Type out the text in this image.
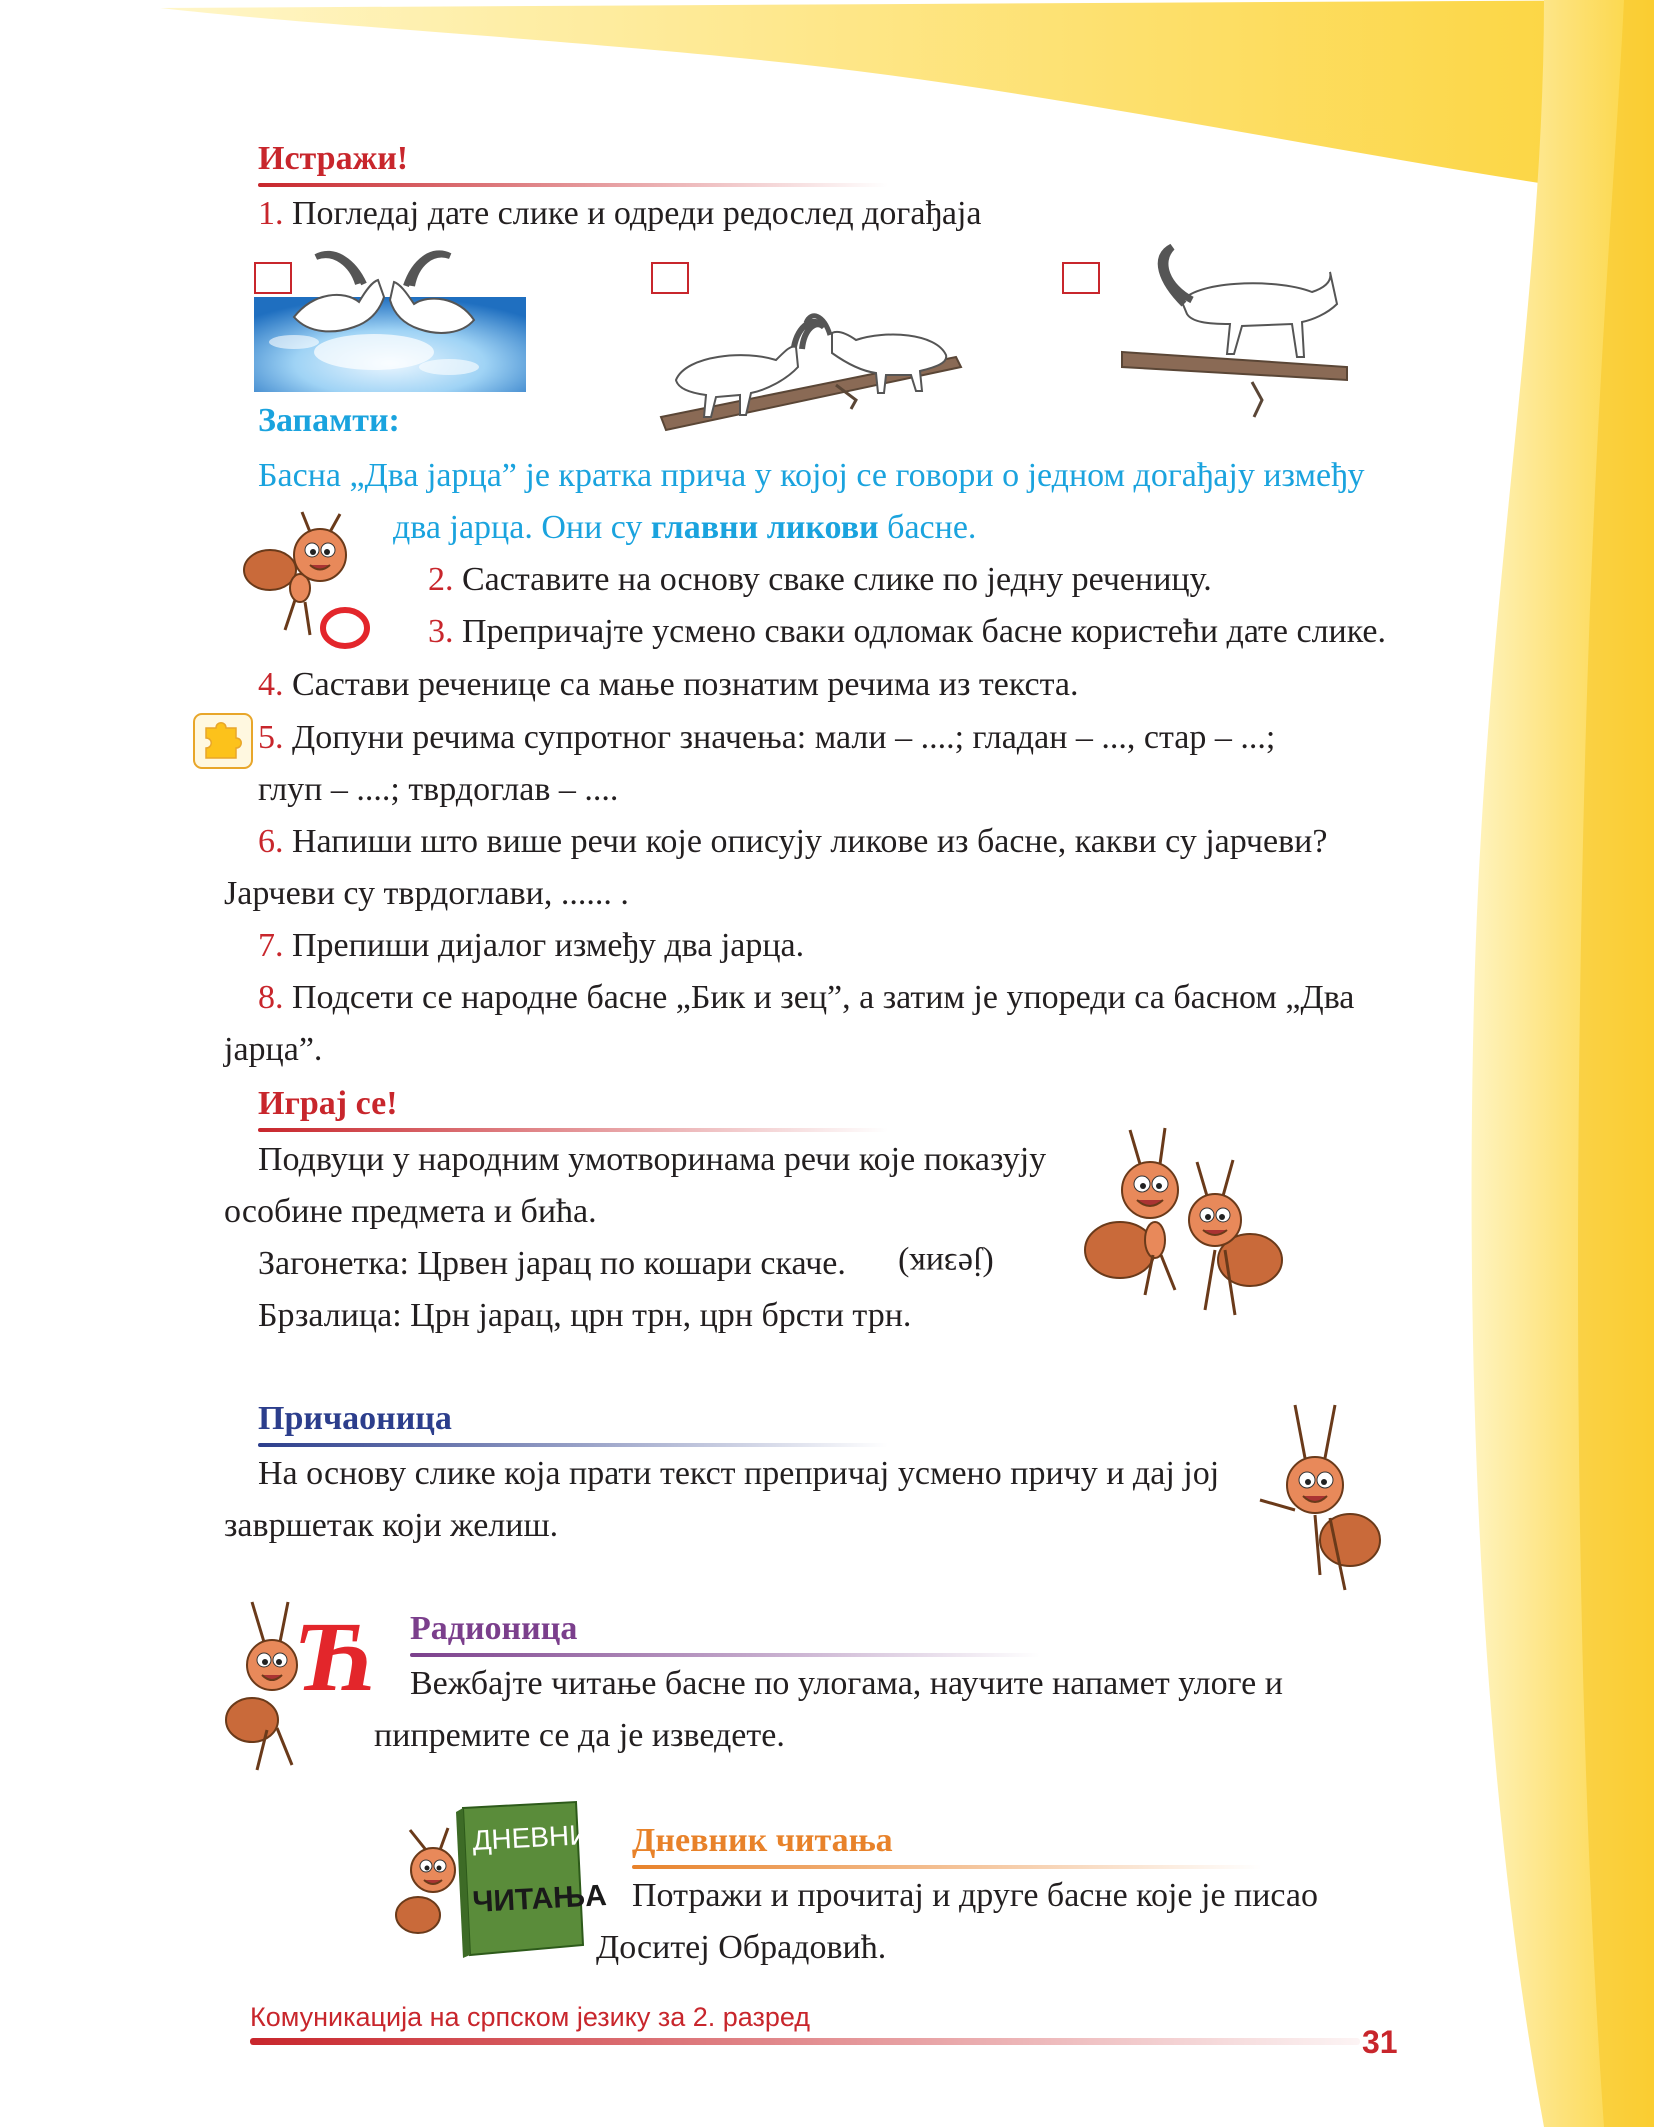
Истражи!
1. Погледај дате слике и одреди редослед догађаја
Запамти:
Басна „Два јарца” је кратка прича у којој се говори о једном догађају између
два јарца. Они су главни ликови басне.
2. Саставите на основу сваке слике по једну реченицу.
3. Препричајте усмено сваки одломак басне користећи дате слике.
4. Састави реченице са мање познатим речима из текста.
5. Допуни речима супротног значења: мали – ....; гладан – ..., стар – ...;
глуп – ....; тврдоглав – ....
6. Напиши што више речи које описују ликове из басне, какви су јарчеви?
Јарчеви су тврдоглави, ...... .
7. Препиши дијалог између два јарца.
8. Подсети се народне басне „Бик и зец”, а затим је упореди са басном „Два
јарца”.
Играј се!
Подвуци у народним умотворинама речи које показују
особине предмета и бића.
Загонетка: Црвен јарац по кошари скаче. (језик)
Брзалица: Црн јарац, црн трн, црн брсти трн.
Причаоница
На основу слике која прати текст препричај усмено причу и дај јој
завршетак који желиш.
Ћ Радионица
Вежбајте читање басне по улогама, научите напамет улоге и
пипремите се да је изведете.
ДНЕВНИК
ЧИТАЊА
Дневник читања
Потражи и прочитај и друге басне које је писао
Доситеј Обрадовић.
Комуникација на српском језику за 2. разред
31
